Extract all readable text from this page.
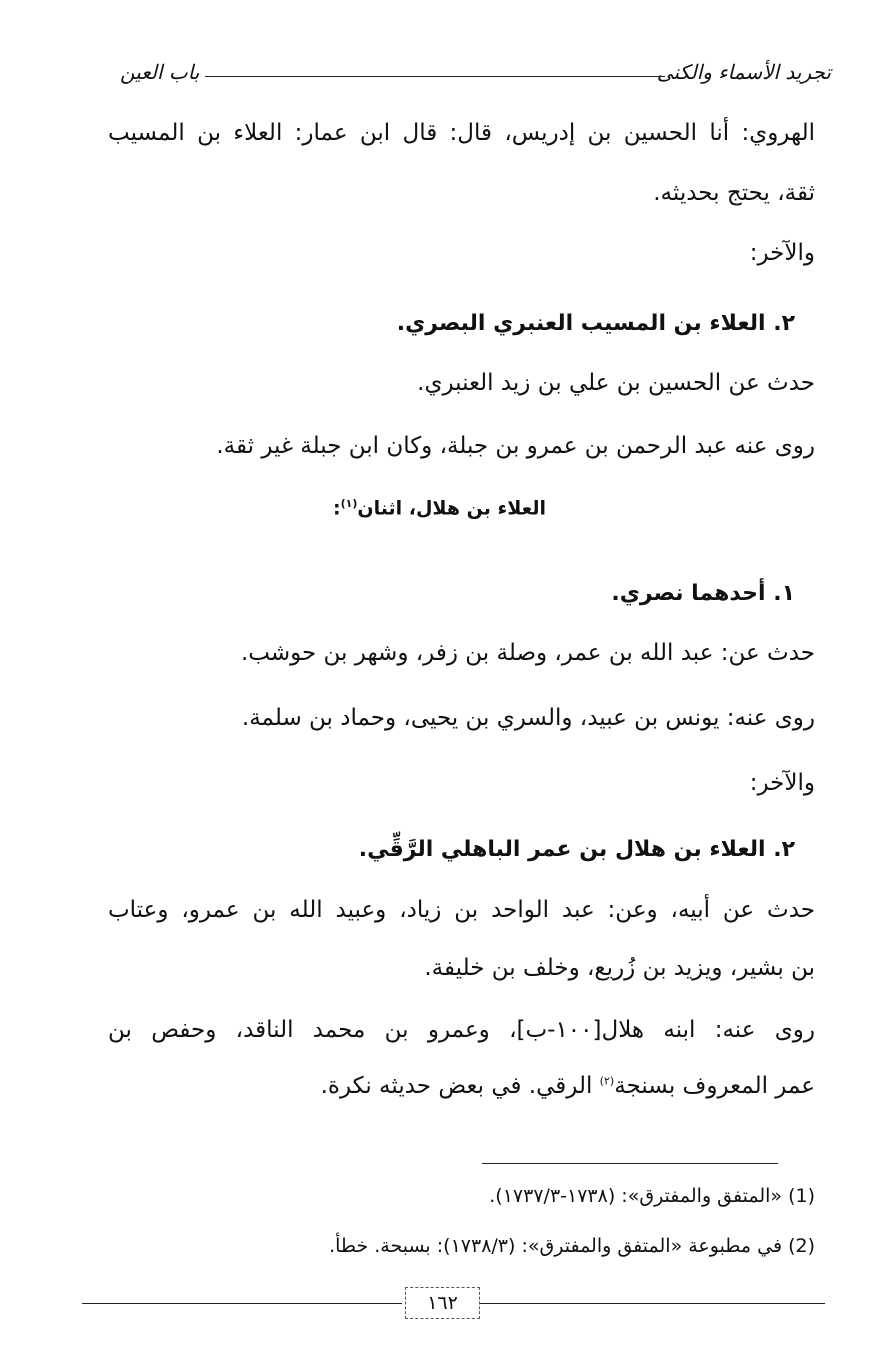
تجريد الأسماء والكنى
باب العين
الهروي: أنا الحسين بن إدريس، قال: قال ابن عمار: العلاء بن المسيب
ثقة، يحتج بحديثه.
والآخر:
٢. العلاء بن المسيب العنبري البصري.
حدث عن الحسين بن علي بن زيد العنبري.
روى عنه عبد الرحمن بن عمرو بن جبلة، وكان ابن جبلة غير ثقة.
العلاء بن هلال، اثنان$^{(١)}$:
١. أحدهما نصري.
حدث عن: عبد الله بن عمر، وصلة بن زفر، وشهر بن حوشب.
روى عنه: يونس بن عبيد، والسري بن يحيى، وحماد بن سلمة.
والآخر:
٢. العلاء بن هلال بن عمر الباهلي الرَّقِّي.
حدث عن أبيه، وعن: عبد الواحد بن زياد، وعبيد الله بن عمرو، وعتاب
بن بشير، ويزيد بن زُريع، وخلف بن خليفة.
روى عنه: ابنه هلال[١٠٠-ب]، وعمرو بن محمد الناقد، وحفص بن
عمر المعروف بسنجة$^{(٢)}$ الرقي. في بعض حديثه نكرة.
(1) «المتفق والمفترق»: (١٧٣٨-١٧٣٧/٣).
(2) في مطبوعة «المتفق والمفترق»: (١٧٣٨/٣): بسبحة. خطأ.
١٦٢
